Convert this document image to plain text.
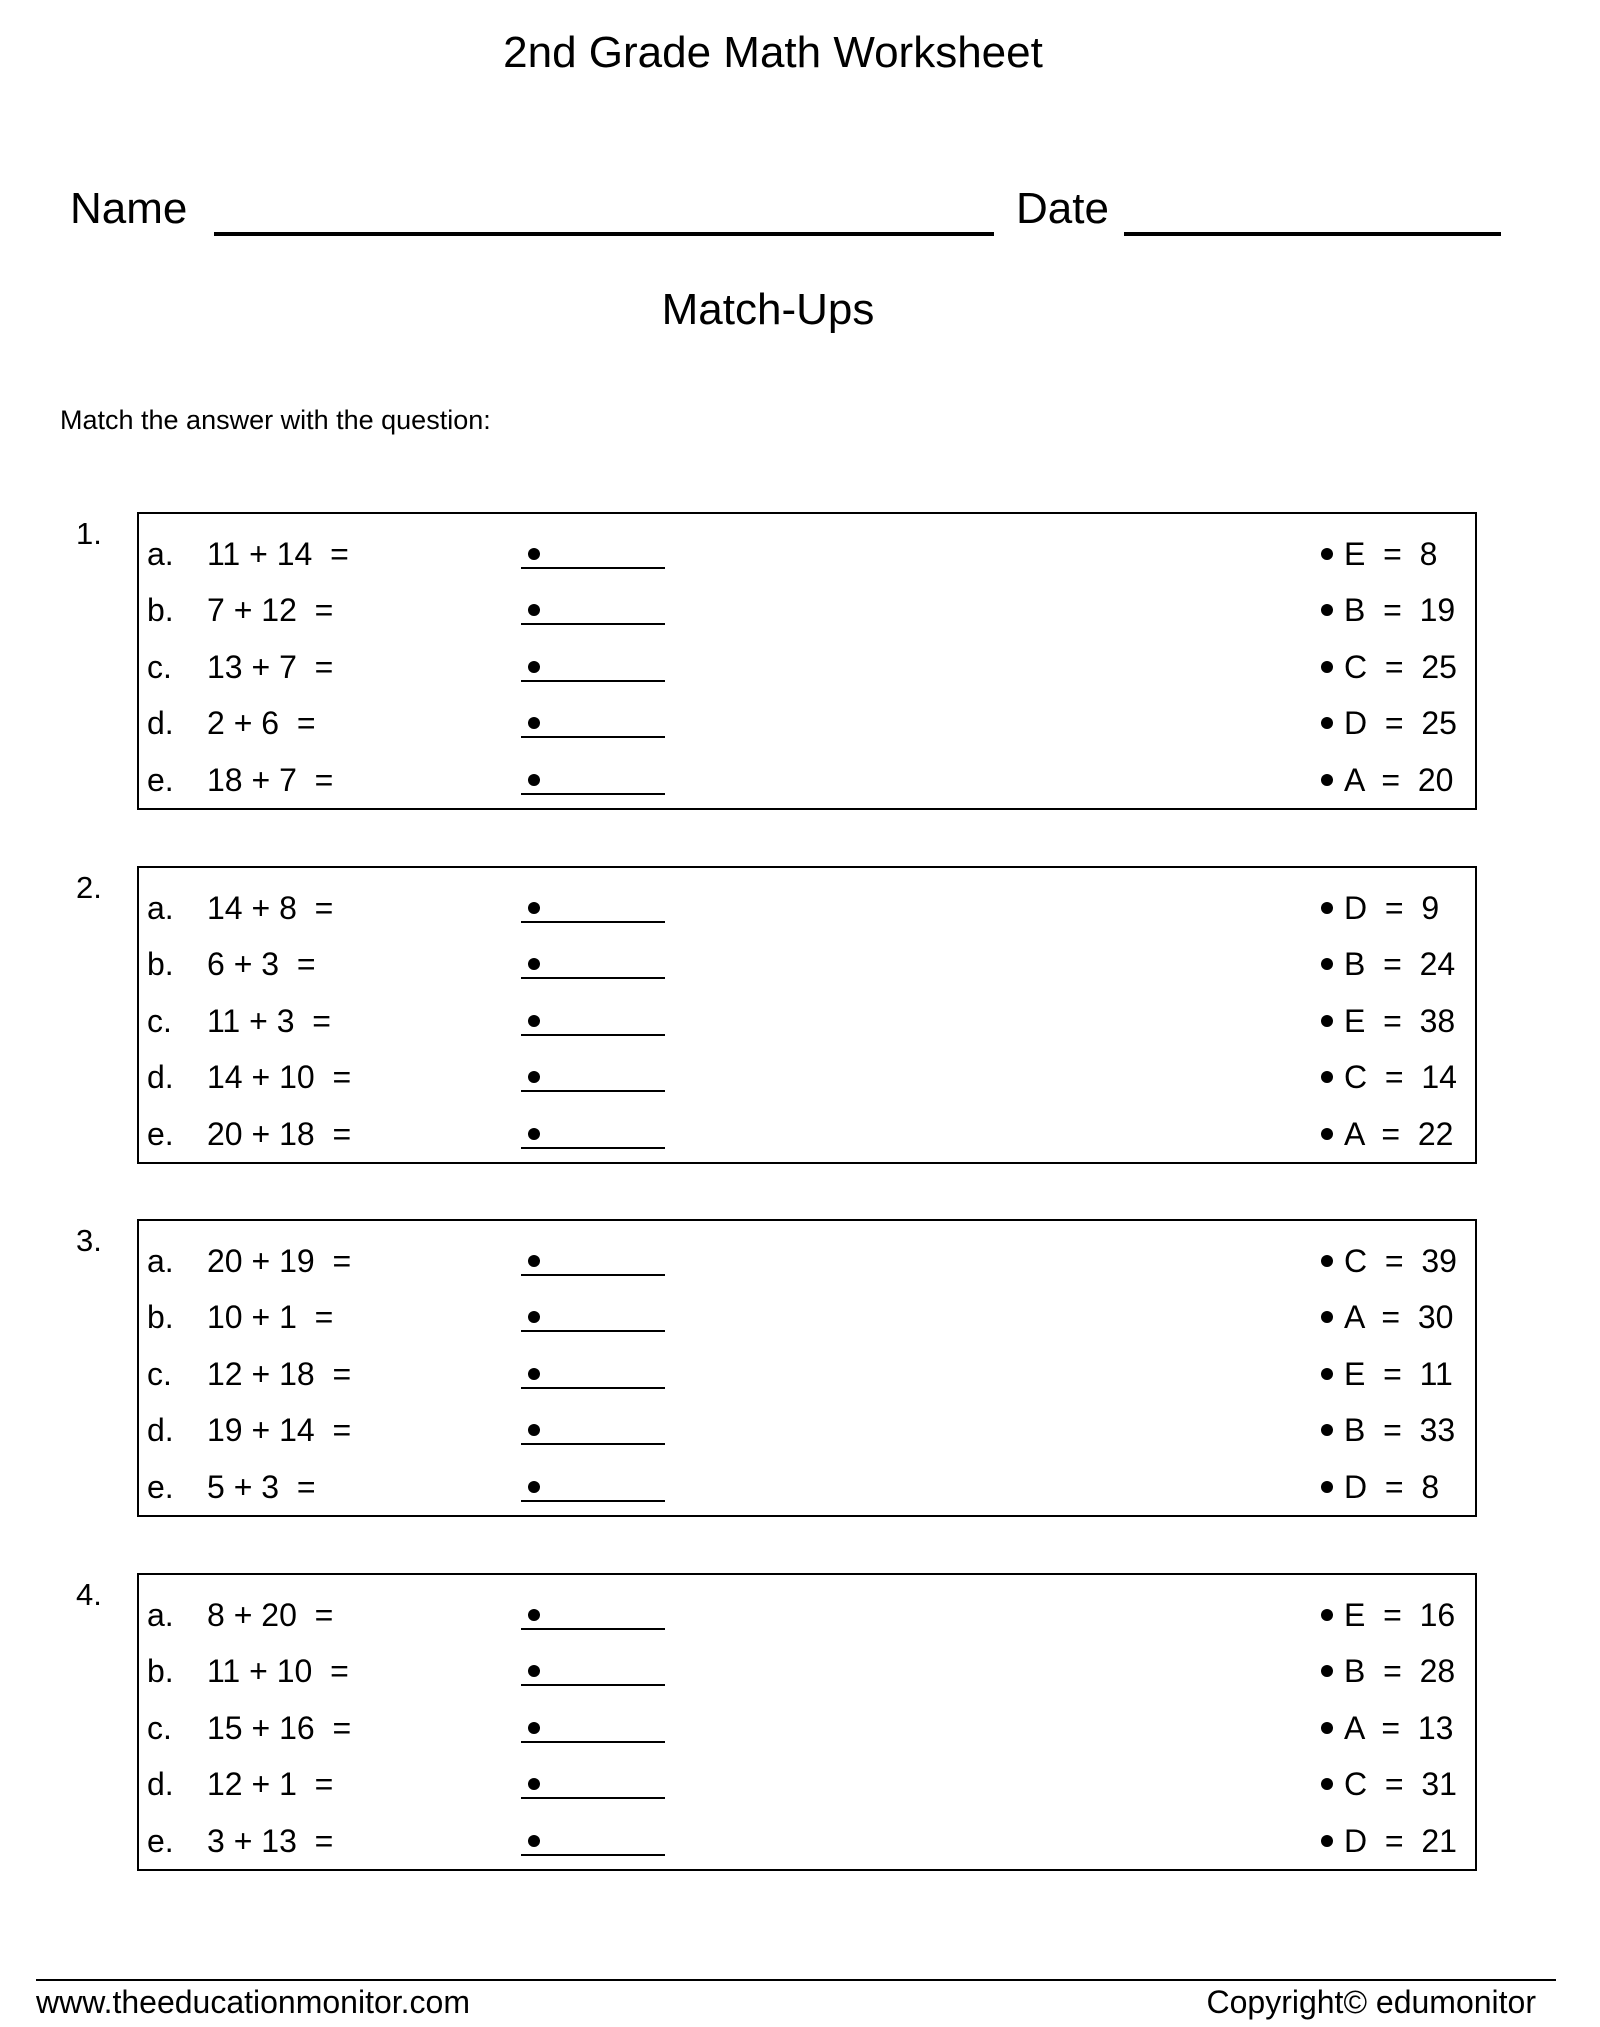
2nd Grade Math Worksheet
Name	Date
Match-Ups
Match the answer with the question:
1.
a. 11 + 14  =	E  =  8
b. 7 + 12  =	B  =  19
c. 13 + 7  =	C  =  25
d. 2 + 6  =	D  =  25
e. 18 + 7  =	A  =  20
2.
a. 14 + 8  =	D  =  9
b. 6 + 3  =	B  =  24
c. 11 + 3  =	E  =  38
d. 14 + 10  =	C  =  14
e. 20 + 18  =	A  =  22
3.
a. 20 + 19  =	C  =  39
b. 10 + 1  =	A  =  30
c. 12 + 18  =	E  =  11
d. 19 + 14  =	B  =  33
e. 5 + 3  =	D  =  8
4.
a. 8 + 20  =	E  =  16
b. 11 + 10  =	B  =  28
c. 15 + 16  =	A  =  13
d. 12 + 1  =	C  =  31
e. 3 + 13  =	D  =  21
www.theeducationmonitor.com	Copyright© edumonitor
